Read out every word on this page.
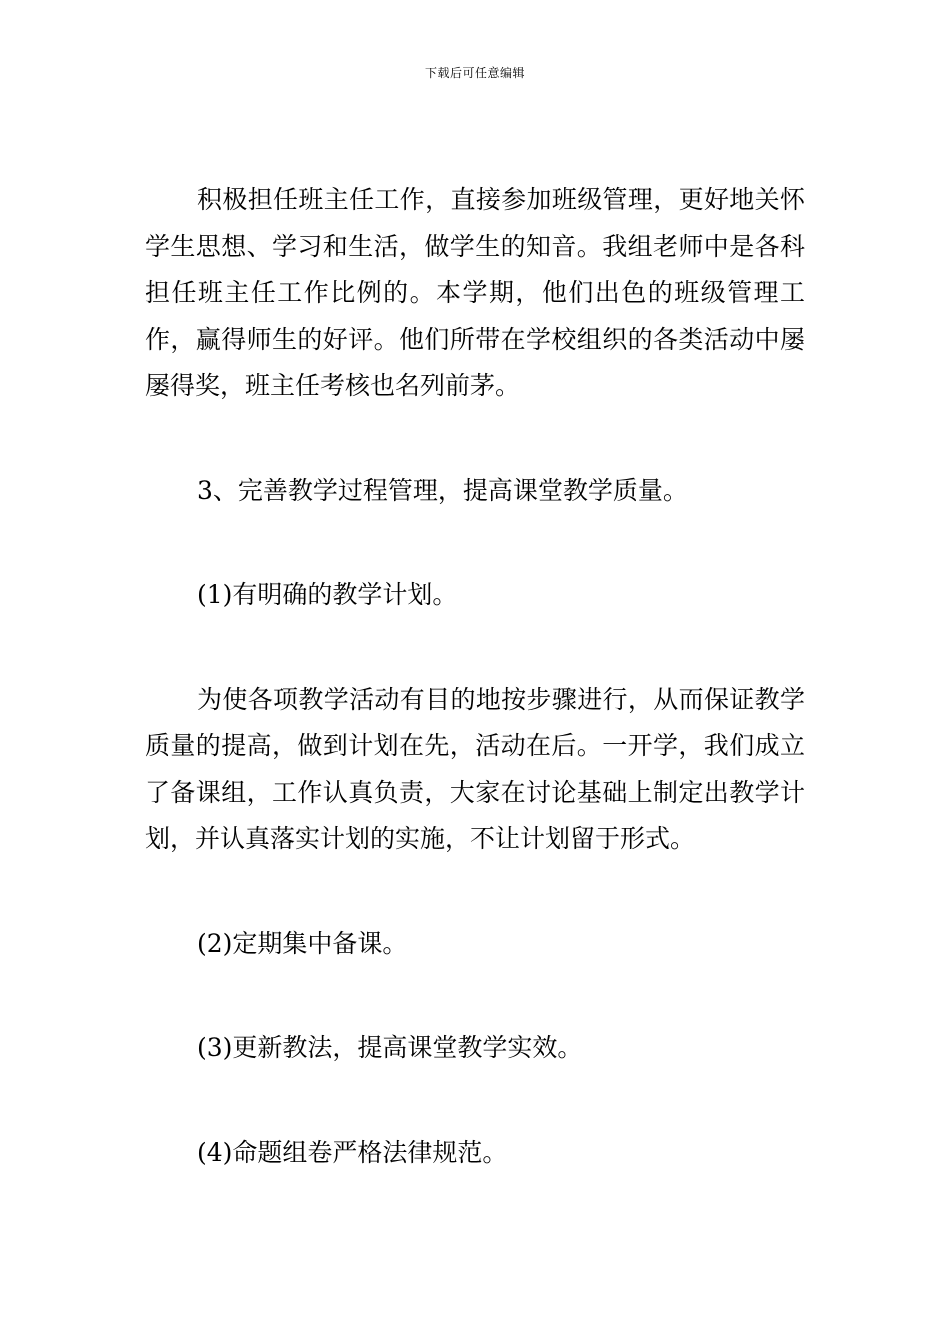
下载后可任意编辑

积极担任班主任工作，直接参加班级管理，更好地关怀学生思想、学习和生活，做学生的知音。我组老师中是各科担任班主任工作比例的。本学期，他们出色的班级管理工作，赢得师生的好评。他们所带在学校组织的各类活动中屡屡得奖，班主任考核也名列前茅。

3、完善教学过程管理，提高课堂教学质量。

(1)有明确的教学计划。

为使各项教学活动有目的地按步骤进行，从而保证教学质量的提高，做到计划在先，活动在后。一开学，我们成立了备课组，工作认真负责，大家在讨论基础上制定出教学计划，并认真落实计划的实施，不让计划留于形式。

(2)定期集中备课。

(3)更新教法，提高课堂教学实效。

(4)命题组卷严格法律规范。
